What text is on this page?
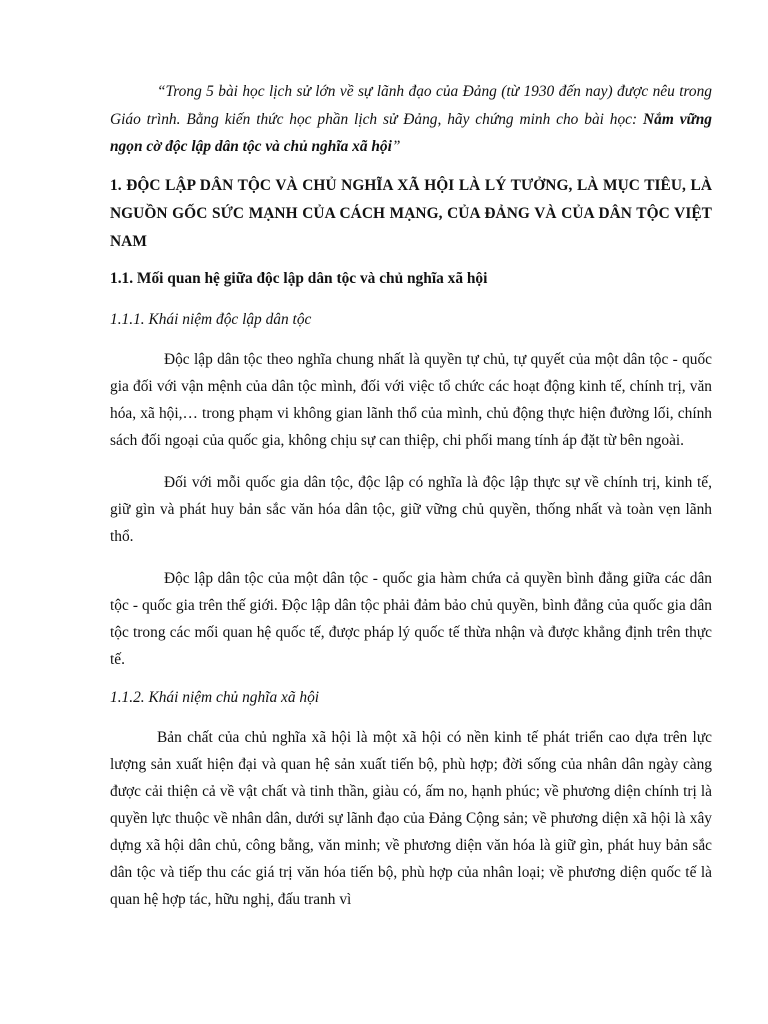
“Trong 5 bài học lịch sử lớn về sự lãnh đạo của Đảng (từ 1930 đến nay) được nêu trong Giáo trình. Bằng kiến thức học phần lịch sử Đảng, hãy chứng minh cho bài học: Nắm vững ngọn cờ độc lập dân tộc và chủ nghĩa xã hội”

1. ĐỘC LẬP DÂN TỘC VÀ CHỦ NGHĨA XÃ HỘI LÀ LÝ TƯỞNG, LÀ MỤC TIÊU, LÀ NGUỒN GỐC SỨC MẠNH CỦA CÁCH MẠNG, CỦA ĐẢNG VÀ CỦA DÂN TỘC VIỆT NAM
1.1. Mối quan hệ giữa độc lập dân tộc và chủ nghĩa xã hội
1.1.1. Khái niệm độc lập dân tộc

Độc lập dân tộc theo nghĩa chung nhất là quyền tự chủ, tự quyết của một dân tộc - quốc gia đối với vận mệnh của dân tộc mình, đối với việc tổ chức các hoạt động kinh tế, chính trị, văn hóa, xã hội,… trong phạm vi không gian lãnh thổ của mình, chủ động thực hiện đường lối, chính sách đối ngoại của quốc gia, không chịu sự can thiệp, chi phối mang tính áp đặt từ bên ngoài.

Đối với mỗi quốc gia dân tộc, độc lập có nghĩa là độc lập thực sự về chính trị, kinh tế, giữ gìn và phát huy bản sắc văn hóa dân tộc, giữ vững chủ quyền, thống nhất và toàn vẹn lãnh thổ.

Độc lập dân tộc của một dân tộc - quốc gia hàm chứa cả quyền bình đẳng giữa các dân tộc - quốc gia trên thế giới. Độc lập dân tộc phải đảm bảo chủ quyền, bình đẳng của quốc gia dân tộc trong các mối quan hệ quốc tế, được pháp lý quốc tế thừa nhận và được khẳng định trên thực tế.

1.1.2. Khái niệm chủ nghĩa xã hội

Bản chất của chủ nghĩa xã hội là một xã hội có nền kinh tế phát triển cao dựa trên lực lượng sản xuất hiện đại và quan hệ sản xuất tiến bộ, phù hợp; đời sống của nhân dân ngày càng được cải thiện cả về vật chất và tinh thần, giàu có, ấm no, hạnh phúc; về phương diện chính trị là quyền lực thuộc về nhân dân, dưới sự lãnh đạo của Đảng Cộng sản; về phương diện xã hội là xây dựng xã hội dân chủ, công bằng, văn minh; về phương diện văn hóa là giữ gìn, phát huy bản sắc dân tộc và tiếp thu các giá trị văn hóa tiến bộ, phù hợp của nhân loại; về phương diện quốc tế là quan hệ hợp tác, hữu nghị, đấu tranh vì
